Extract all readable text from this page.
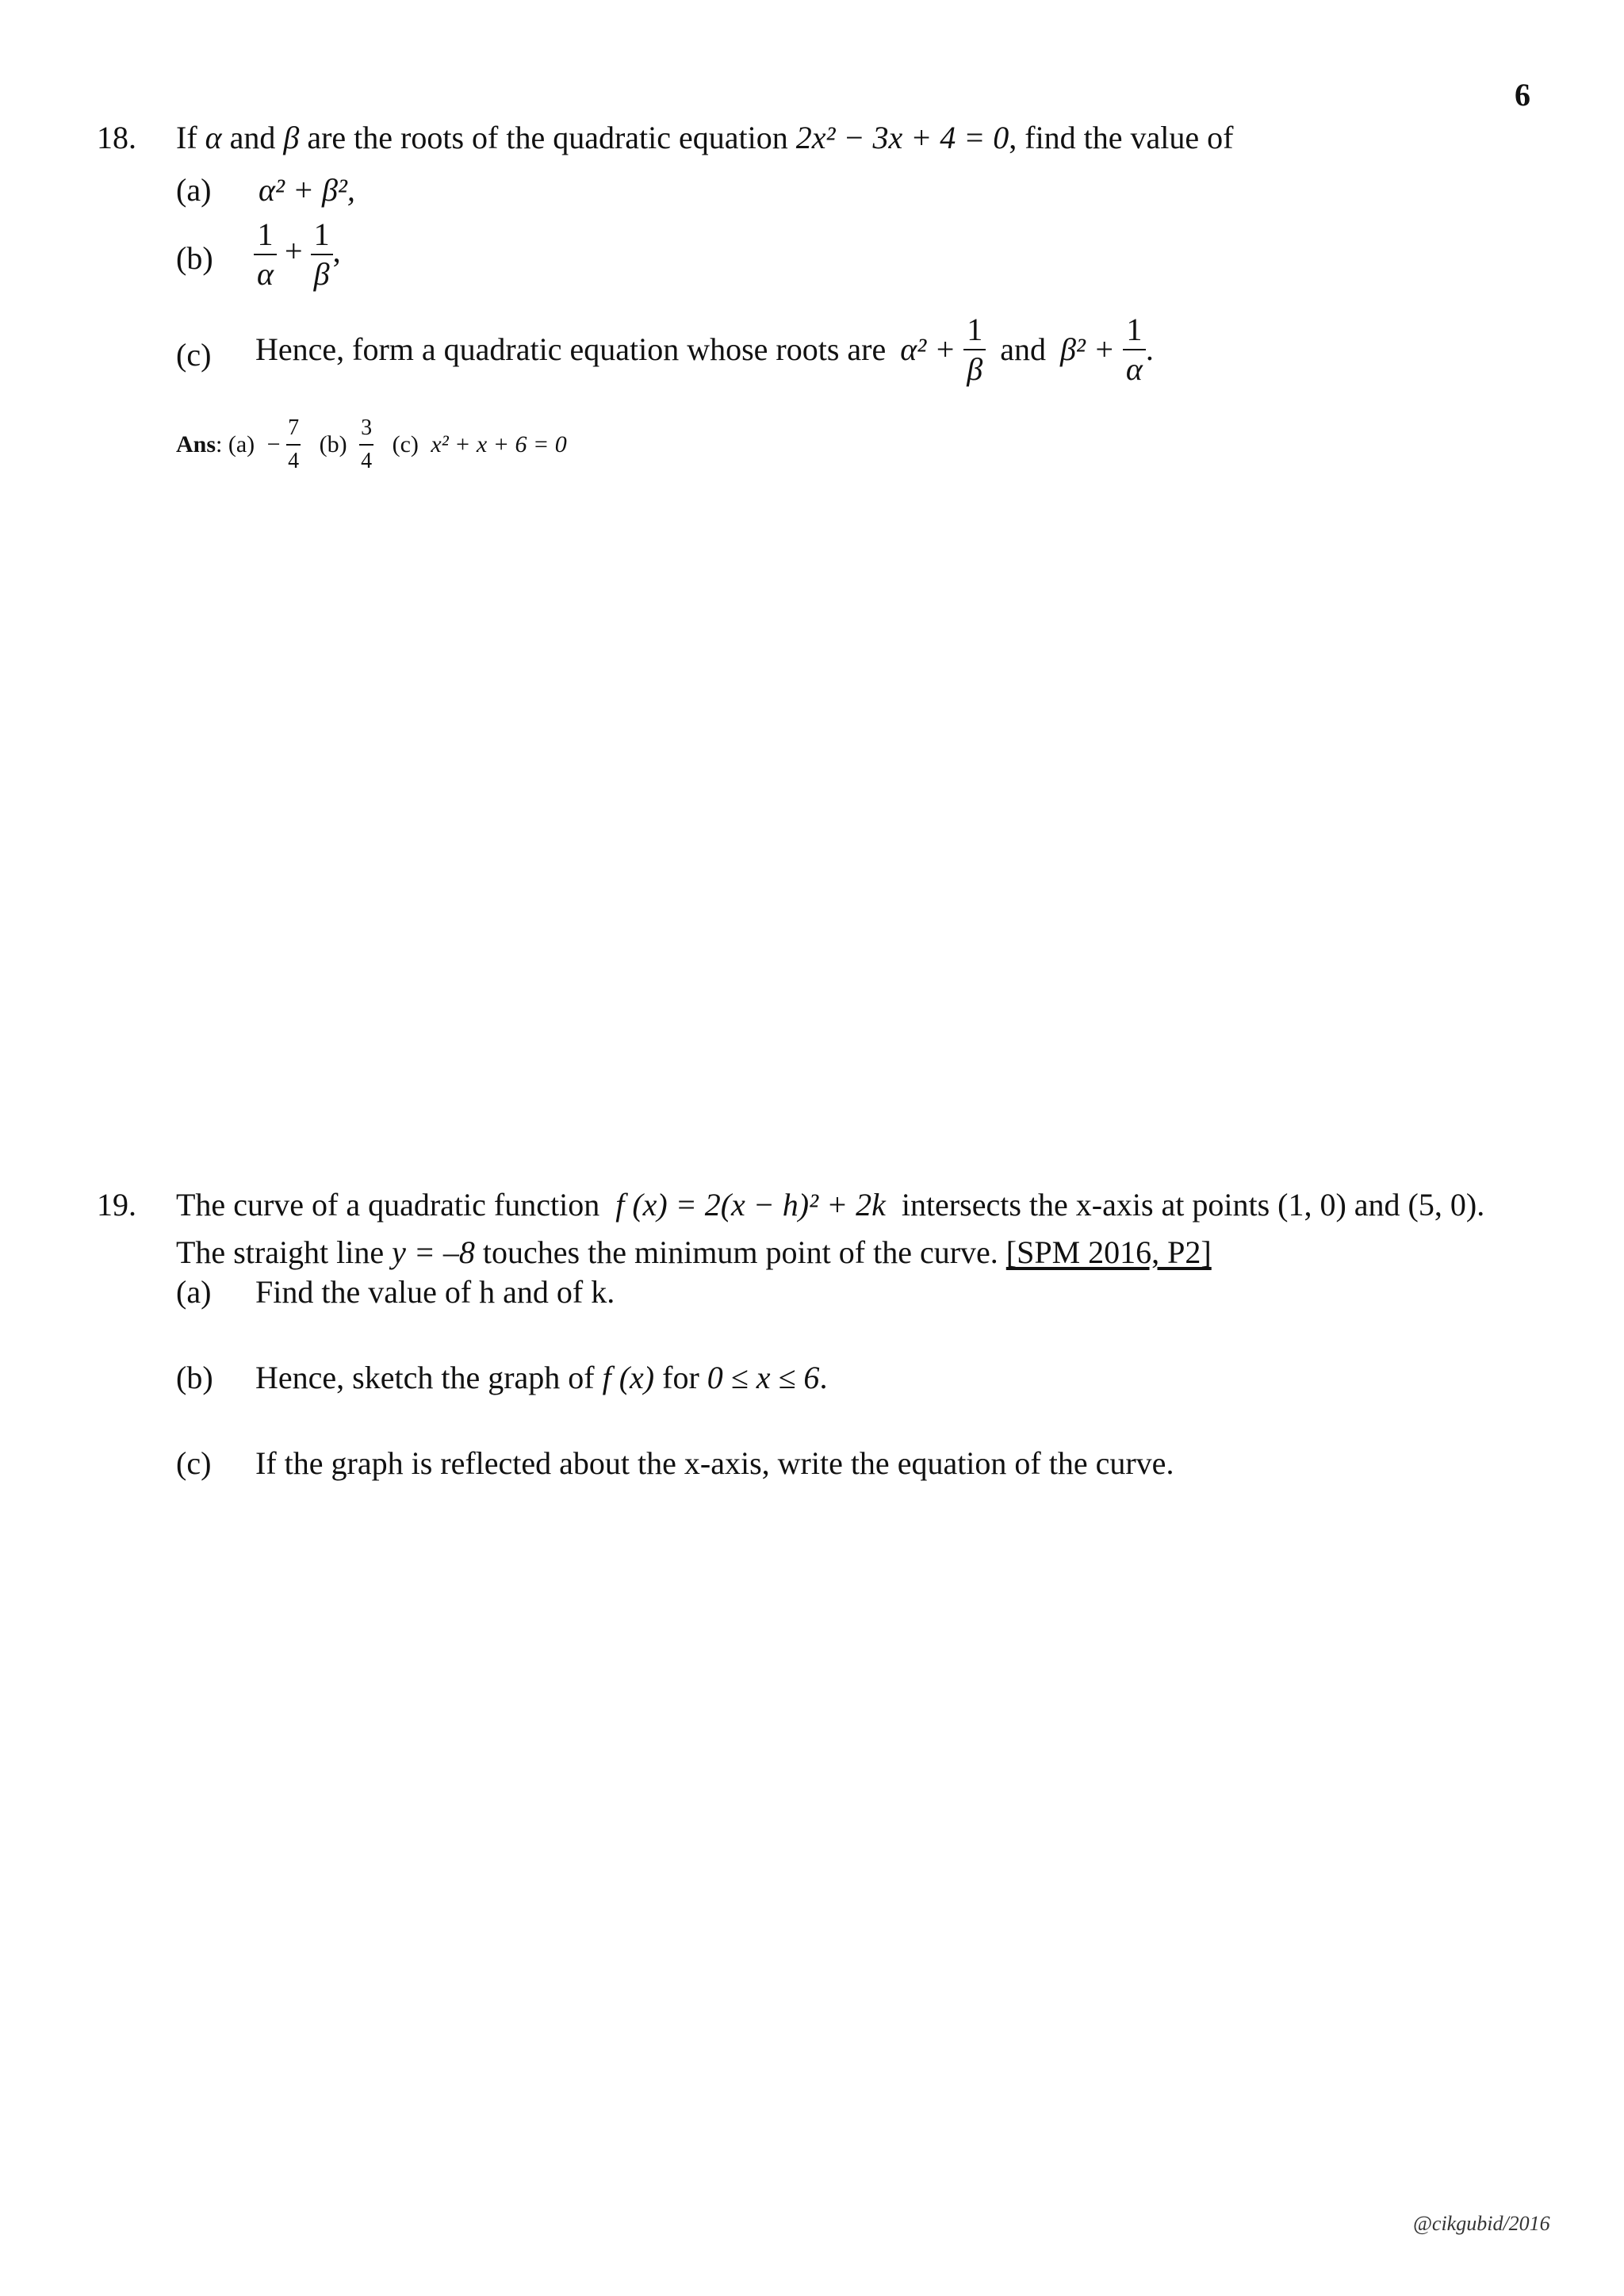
6
18. If α and β are the roots of the quadratic equation 2x² − 3x + 4 = 0, find the value of
(a) α² + β²,
$(b) \frac{1}{\alpha} + \frac{1}{\beta}$ ,
(c) Hence, form a quadratic equation whose roots are $\alpha^2 + \frac{1}{\beta}$ and $\beta^2 + \frac{1}{\alpha}$ .
Ans: $(a) - \frac{7}{4} (b) \frac{3}{4} (c) x^2 + x + 6 = 0$
19. The curve of a quadratic function f (x) = 2(x − h)² + 2k intersects the x-axis at points (1, 0) and (5, 0).
The straight line y = –8 touches the minimum point of the curve. [SPM 2016, P2]
(a) Find the value of h and of k.
(b) Hence, sketch the graph of f (x) for 0 ≤ x ≤ 6.
(c) If the graph is reflected about the x-axis, write the equation of the curve.
@cikgubid/2016
